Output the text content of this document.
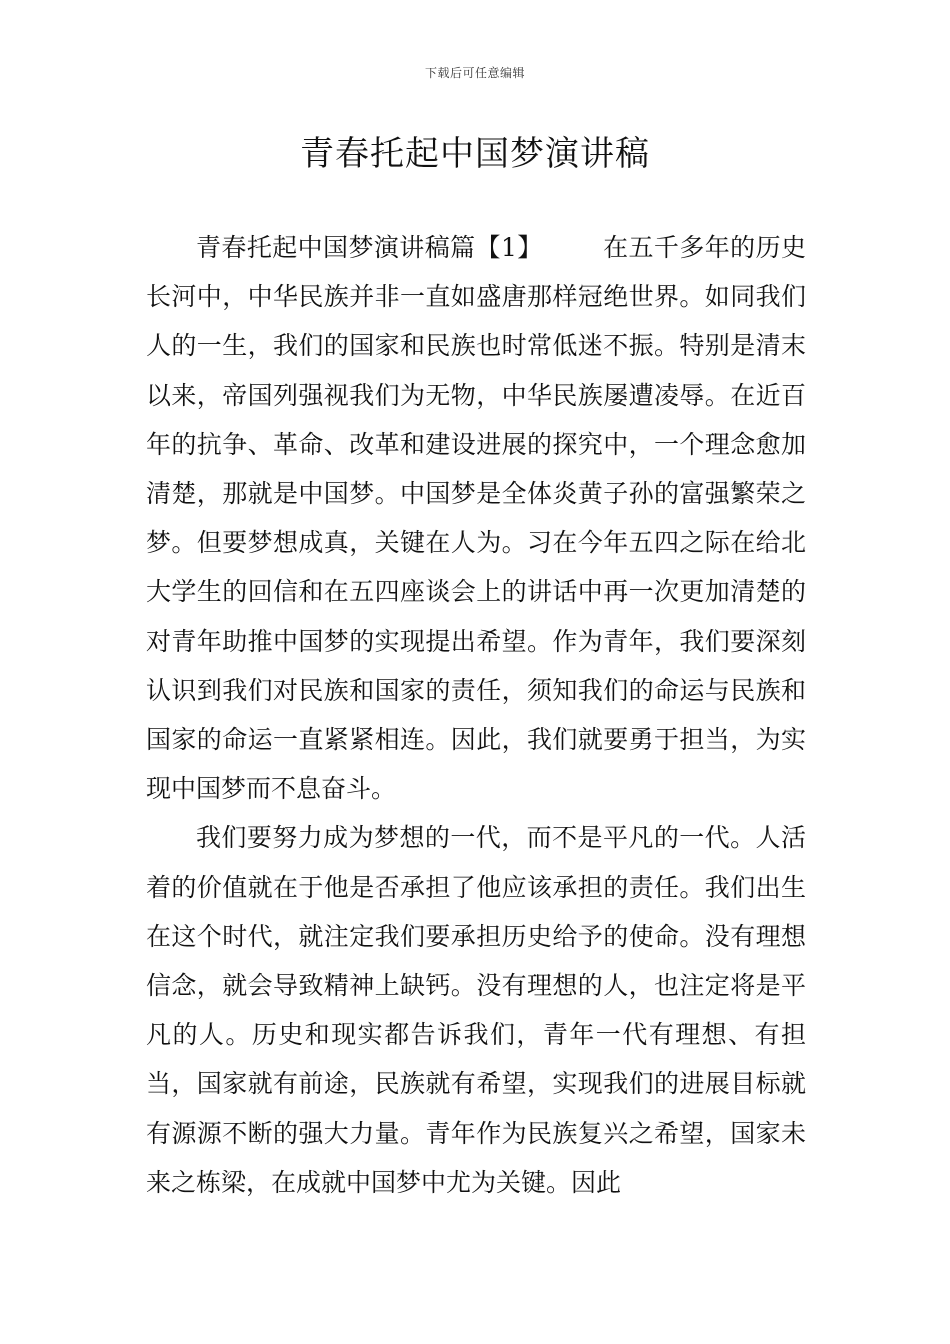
下载后可任意编辑
青春托起中国梦演讲稿

青春托起中国梦演讲稿篇【1】 在五千多年的历史长河中，中华民族并非一直如盛唐那样冠绝世界。如同我们人的一生，我们的国家和民族也时常低迷不振。特别是清末以来，帝国列强视我们为无物，中华民族屡遭凌辱。在近百年的抗争、革命、改革和建设进展的探究中，一个理念愈加清楚，那就是中国梦。中国梦是全体炎黄子孙的富强繁荣之梦。但要梦想成真，关键在人为。习在今年五四之际在给北大学生的回信和在五四座谈会上的讲话中再一次更加清楚的对青年助推中国梦的实现提出希望。作为青年，我们要深刻认识到我们对民族和国家的责任，须知我们的命运与民族和国家的命运一直紧紧相连。因此，我们就要勇于担当，为实现中国梦而不息奋斗。

我们要努力成为梦想的一代，而不是平凡的一代。人活着的价值就在于他是否承担了他应该承担的责任。我们出生在这个时代，就注定我们要承担历史给予的使命。没有理想信念，就会导致精神上缺钙。没有理想的人，也注定将是平凡的人。历史和现实都告诉我们，青年一代有理想、有担当，国家就有前途，民族就有希望，实现我们的进展目标就有源源不断的强大力量。青年作为民族复兴之希望，国家未来之栋梁，在成就中国梦中尤为关键。因此
